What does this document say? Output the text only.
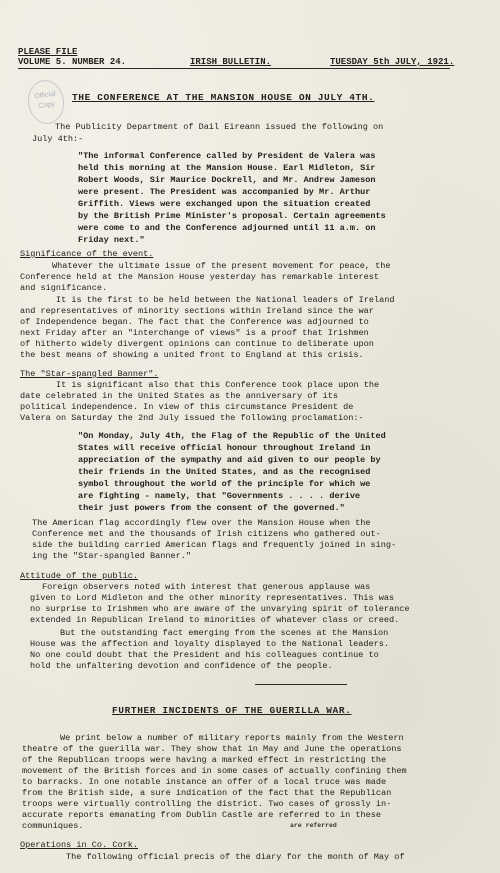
Official Copy
PLEASE FILE
VOLUME 5. NUMBER 24.	IRISH BULLETIN.	TUESDAY 5th JULY, 1921.
THE CONFERENCE AT THE MANSION HOUSE ON JULY 4TH.
The Publicity Department of Dail Eireann issued the following on
July 4th:-
"The informal Conference called by President de Valera was
held this morning at the Mansion House. Earl Midleton, Sir
Robert Woods, Sir Maurice Dockrell, and Mr. Andrew Jameson
were present. The President was accompanied by Mr. Arthur
Griffith. Views were exchanged upon the situation created
by the British Prime Minister's proposal. Certain agreements
were come to and the Conference adjourned until 11 a.m. on
Friday next."
Significance of the event.
Whatever the ultimate issue of the present movement for peace, the
Conference held at the Mansion House yesterday has remarkable interest
and significance.
It is the first to be held between the National leaders of Ireland
and representatives of minority sections within Ireland since the war
of Independence began. The fact that the Conference was adjourned to
next Friday after an "interchange of views" is a proof that Irishmen
of hitherto widely divergent opinions can continue to deliberate upon
the best means of showing a united front to England at this crisis.
The "Star-spangled Banner".
It is significant also that this Conference took place upon the
date celebrated in the United States as the anniversary of its
political independence. In view of this circumstance President de
Valera on Saturday the 2nd July issued the following proclamation:-
"On Monday, July 4th, the Flag of the Republic of the United
States will receive official honour throughout Ireland in
appreciation of the sympathy and aid given to our people by
their friends in the United States, and as the recognised
symbol throughout the world of the principle for which we
are fighting - namely, that "Governments . . . . derive
their just powers from the consent of the governed."
The American flag accordingly flew over the Mansion House when the
Conference met and the thousands of Irish citizens who gathered out-
side the building carried American flags and frequently joined in sing-
ing the "Star-spangled Banner."
Attitude of the public.
Foreign observers noted with interest that generous applause was
given to Lord Midleton and the other minority representatives. This was
no surprise to Irishmen who are aware of the unvarying spirit of tolerance
extended in Republican Ireland to minorities of whatever class or creed.
But the outstanding fact emerging from the scenes at the Mansion
House was the affection and loyalty displayed to the National leaders.
No one could doubt that the President and his colleagues continue to
hold the unfaltering devotion and confidence of the people.
FURTHER INCIDENTS OF THE GUERILLA WAR.
We print below a number of military reports mainly from the Western
theatre of the guerilla war. They show that in May and June the operations
of the Republican troops were having a marked effect in restricting the
movement of the British forces and in some cases of actually confining them
to barracks. In one notable instance an offer of a local truce was made
from the British side, a sure indication of the fact that the Republican
troops were virtually controlling the district. Two cases of grossly in-
accurate reports emanating from Dublin Castle are referred to in these
are referred
communiques.
Operations in Co. Cork.
The following official precis of the diary for the month of May of
